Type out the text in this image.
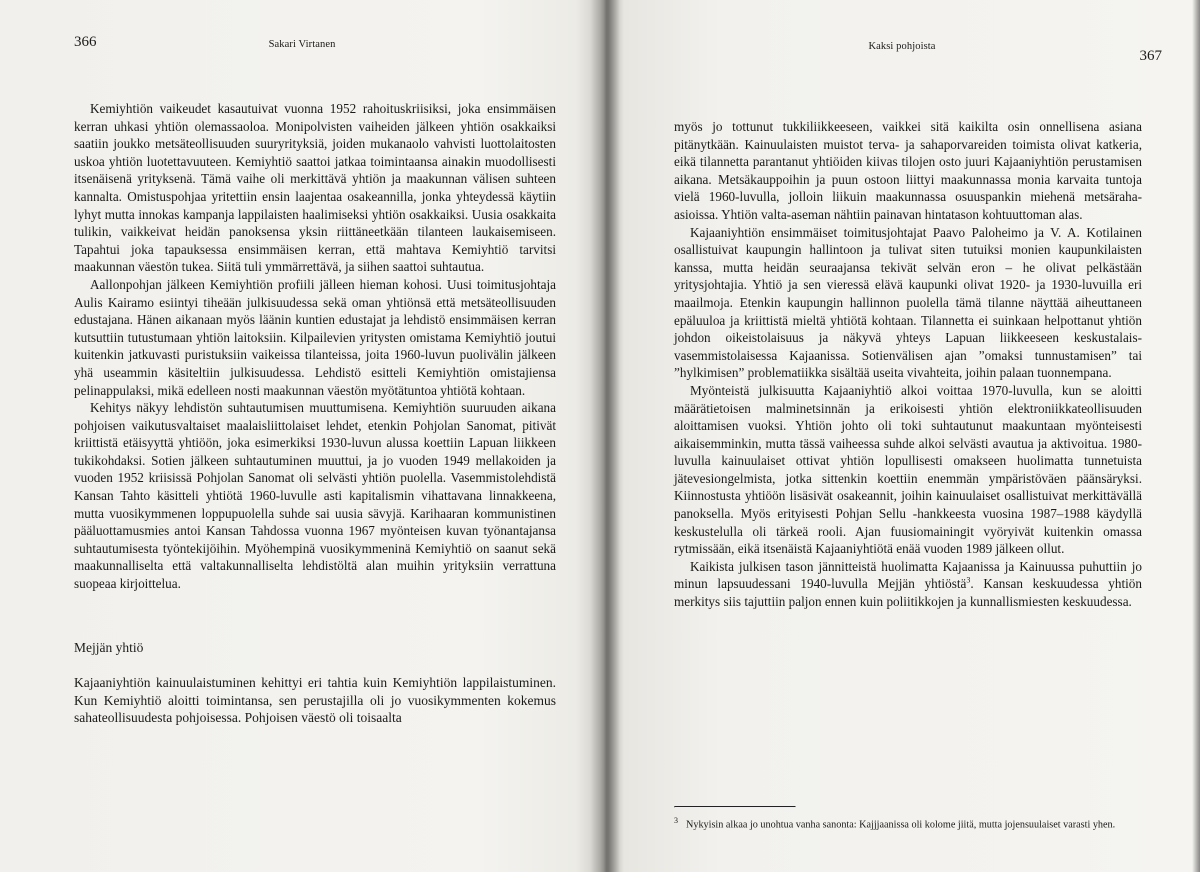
366	Sakari Virtanen

Kemiyhtiön vaikeudet kasautuivat vuonna 1952 rahoituskriisiksi, joka ensimmäisen kerran uhkasi yhtiön olemassaoloa. Monipolvisten vaiheiden jälkeen yhtiön osakkaiksi saatiin joukko metsäteollisuuden suuryrityksiä, joiden mukanaolo vahvisti luottolaitosten uskoa yhtiön luotettavuuteen. Kemiyhtiö saattoi jatkaa toimintaansa ainakin muodollisesti itsenäisenä yrityksenä. Tämä vaihe oli merkittävä yhtiön ja maakunnan välisen suhteen kannalta. Omistuspohjaa yritettiin ensin laajentaa osakeannilla, jonka yhteydessä käytiin lyhyt mutta innokas kampanja lappilaisten haalimiseksi yhtiön osakkaiksi. Uusia osakkaita tulikin, vaikkeivat heidän panoksensa yksin riittäneetkään tilanteen laukaisemiseen. Tapahtui joka tapauksessa ensimmäisen kerran, että mahtava Kemiyhtiö tarvitsi maakunnan väestön tukea. Siitä tuli ymmärrettävä, ja siihen saattoi suhtautua.

Aallonpohjan jälkeen Kemiyhtiön profiili jälleen hieman kohosi. Uusi toimitusjohtaja Aulis Kairamo esiintyi tiheään julkisuudessa sekä oman yhtiönsä että metsäteollisuuden edustajana. Hänen aikanaan myös läänin kuntien edustajat ja lehdistö ensimmäisen kerran kutsuttiin tutustumaan yhtiön laitoksiin. Kilpailevien yritysten omistama Kemiyhtiö joutui kuitenkin jatkuvasti puristuksiin vaikeissa tilanteissa, joita 1960-luvun puolivälin jälkeen yhä useammin käsiteltiin julkisuudessa. Lehdistö esitteli Kemiyhtiön omistajiensa pelinappulaksi, mikä edelleen nosti maakunnan väestön myötätuntoa yhtiötä kohtaan.

Kehitys näkyy lehdistön suhtautumisen muuttumisena. Kemiyhtiön suuruuden aikana pohjoisen vaikutusvaltaiset maalaisliittolaiset lehdet, etenkin Pohjolan Sanomat, pitivät kriittistä etäisyyttä yhtiöön, joka esimerkiksi 1930-luvun alussa koettiin Lapuan liikkeen tukikohdaksi. Sotien jälkeen suhtautuminen muuttui, ja jo vuoden 1949 mellakoiden ja vuoden 1952 kriisissä Pohjolan Sanomat oli selvästi yhtiön puolella. Vasemmistolehdistä Kansan Tahto käsitteli yhtiötä 1960-luvulle asti kapitalismin vihattavana linnakkeena, mutta vuosikymmenen loppupuolella suhde sai uusia sävyjä. Karihaaran kommunistinen pääluottamusmies antoi Kansan Tahdossa vuonna 1967 myönteisen kuvan työnantajansa suhtautumisesta työntekijöihin. Myöhempinä vuosikymmeninä Kemiyhtiö on saanut sekä maakunnalliselta että valtakunnalliselta lehdistöltä alan muihin yrityksiin verrattuna suopeaa kirjoittelua.

Mejjän yhtiö

Kajaaniyhtiön kainuulaistuminen kehittyi eri tahtia kuin Kemiyhtiön lappilaistuminen. Kun Kemiyhtiö aloitti toimintansa, sen perustajilla oli jo vuosikymmenten kokemus sahateollisuudesta pohjoisessa. Pohjoisen väestö oli toisaalta

Kaksi pohjoista
367

myös jo tottunut tukkiliikkeeseen, vaikkei sitä kaikilta osin onnellisena asiana pitänytkään. Kainuulaisten muistot terva- ja sahaporvareiden toimista olivat katkeria, eikä tilannetta parantanut yhtiöiden kiivas tilojen osto juuri Kajaaniyhtiön perustamisen aikana. Metsäkauppoihin ja puun ostoon liittyi maakunnassa monia karvaita tuntoja vielä 1960-luvulla, jolloin liikuin maakunnassa osuuspankin miehenä metsäraha-asioissa. Yhtiön valta-aseman nähtiin painavan hintatason kohtuuttoman alas.

Kajaaniyhtiön ensimmäiset toimitusjohtajat Paavo Paloheimo ja V. A. Kotilainen osallistuivat kaupungin hallintoon ja tulivat siten tutuiksi monien kaupunkilaisten kanssa, mutta heidän seuraajansa tekivät selvän eron – he olivat pelkästään yritysjohtajia. Yhtiö ja sen vieressä elävä kaupunki olivat 1920- ja 1930-luvuilla eri maailmoja. Etenkin kaupungin hallinnon puolella tämä tilanne näyttää aiheuttaneen epäluuloa ja kriittistä mieltä yhtiötä kohtaan. Tilannetta ei suinkaan helpottanut yhtiön johdon oikeistolaisuus ja näkyvä yhteys Lapuan liikkeeseen keskustalais-vasemmistolaisessa Kajaanissa. Sotienvälisen ajan ”omaksi tunnustamisen” tai ”hylkimisen” problematiikka sisältää useita vivahteita, joihin palaan tuonnempana.

Myönteistä julkisuutta Kajaaniyhtiö alkoi voittaa 1970-luvulla, kun se aloitti määrätietoisen malminetsinnän ja erikoisesti yhtiön elektroniikkateollisuuden aloittamisen vuoksi. Yhtiön johto oli toki suhtautunut maakuntaan myönteisesti aikaisemminkin, mutta tässä vaiheessa suhde alkoi selvästi avautua ja aktivoitua. 1980-luvulla kainuulaiset ottivat yhtiön lopullisesti omakseen huolimatta tunnetuista jätevesiongelmista, jotka sittenkin koettiin enemmän ympäristöväen päänsäryksi. Kiinnostusta yhtiöön lisäsivät osakeannit, joihin kainuulaiset osallistuivat merkittävällä panoksella. Myös erityisesti Pohjan Sellu -hankkeesta vuosina 1987–1988 käydyllä keskustelulla oli tärkeä rooli. Ajan fuusiomainingit vyöryivät kuitenkin omassa rytmissään, eikä itsenäistä Kajaaniyhtiötä enää vuoden 1989 jälkeen ollut.

Kaikista julkisen tason jännitteistä huolimatta Kajaanissa ja Kainuussa puhuttiin jo minun lapsuudessani 1940-luvulla Mejjän yhtiöstä$^3$. Kansan keskuudessa yhtiön merkitys siis tajuttiin paljon ennen kuin poliitikkojen ja kunnallismiesten keskuudessa.

$^3$ Nykyisin alkaa jo unohtua vanha sanonta: Kajjjaanissa oli kolome jiitä, mutta jojensuulaiset varasti yhen.
